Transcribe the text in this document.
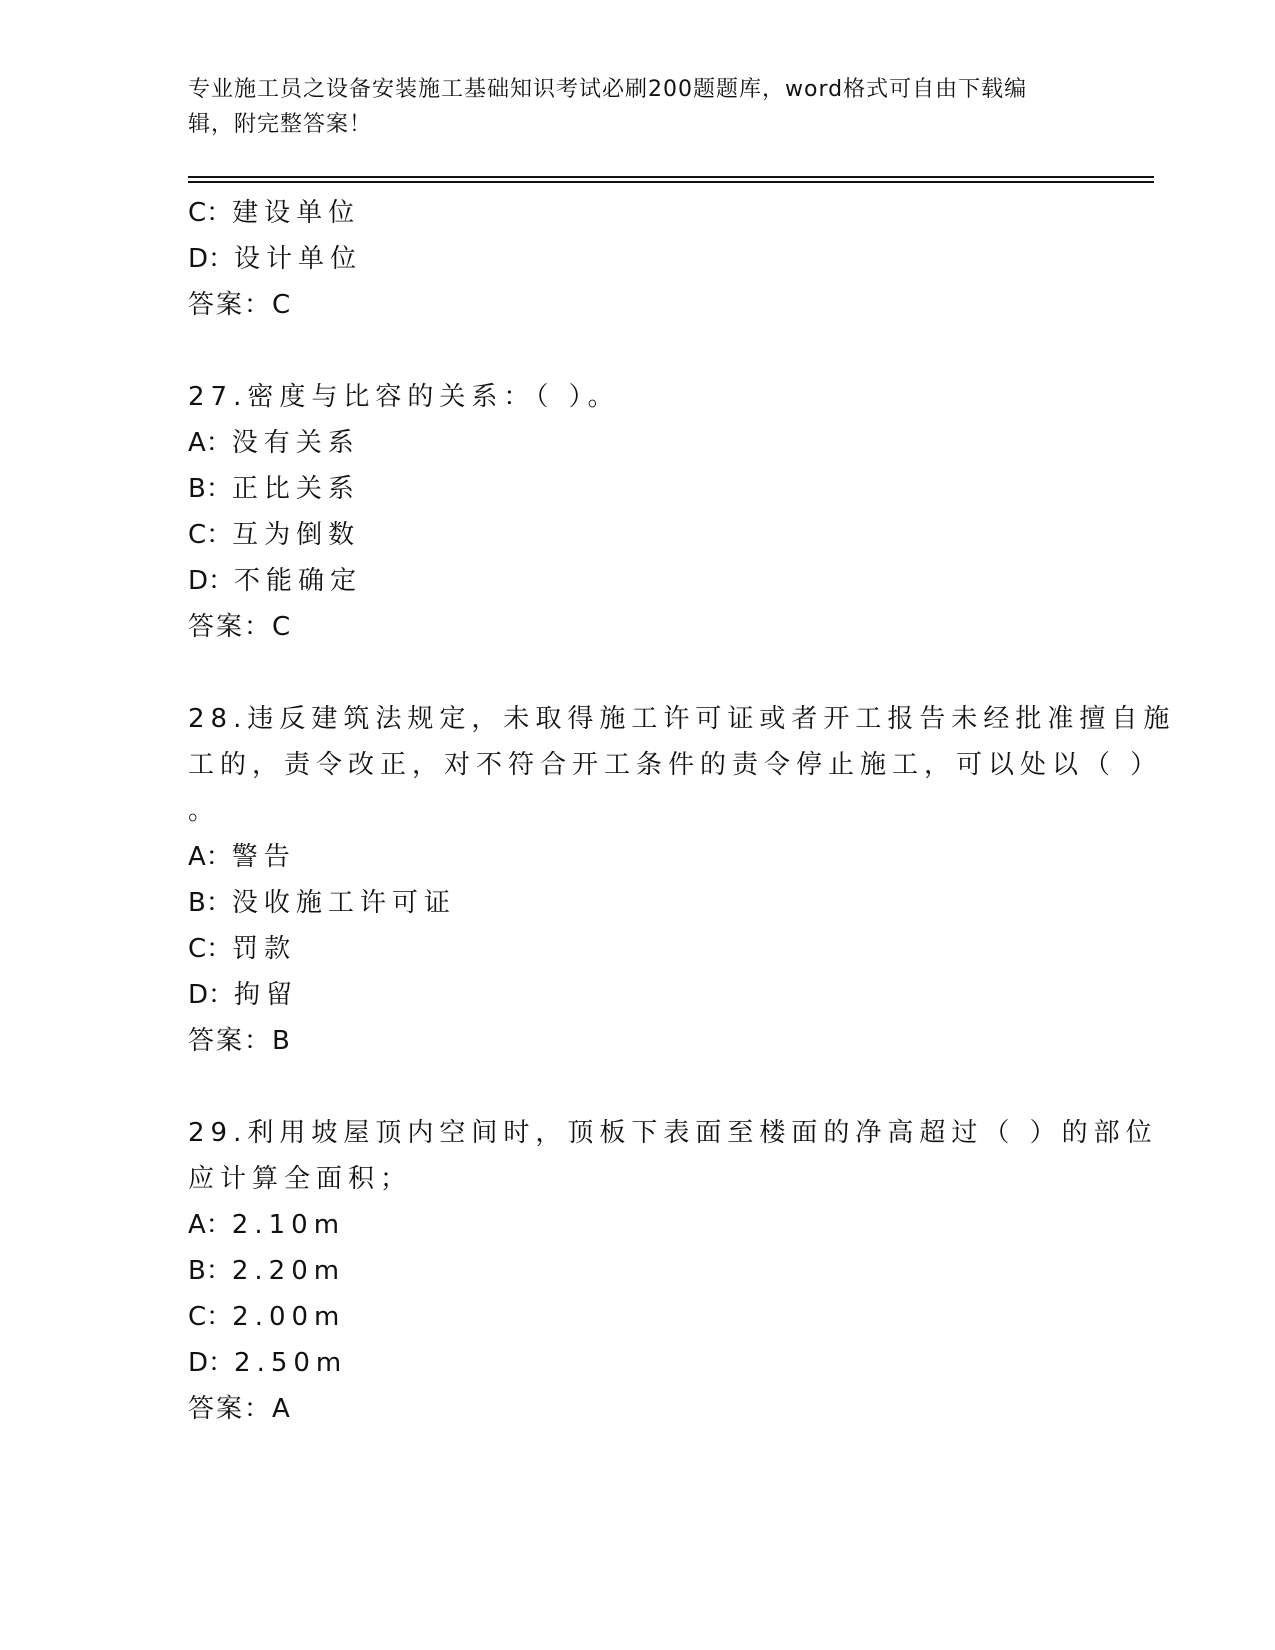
专业施工员之设备安装施工基础知识考试必刷200题题库，word格式可自由下载编辑，附完整答案！
C：建设单位
D：设计单位
答案：C
27.密度与比容的关系：（ ）。
A：没有关系
B：正比关系
C：互为倒数
D：不能确定
答案：C
28.违反建筑法规定，未取得施工许可证或者开工报告未经批准擅自施
工的，责令改正，对不符合开工条件的责令停止施工，可以处以（ ）
。
A：警告
B：没收施工许可证
C：罚款
D：拘留
答案：B
29.利用坡屋顶内空间时，顶板下表面至楼面的净高超过（ ）的部位
应计算全面积；
A：2.10m
B：2.20m
C：2.00m
D：2.50m
答案：A
